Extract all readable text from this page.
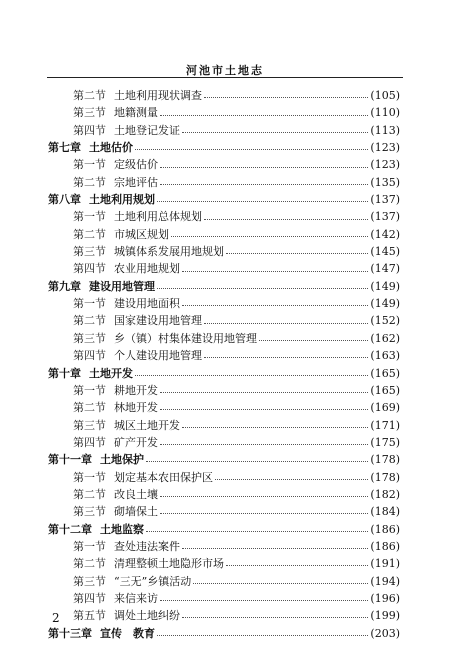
河池市土地志
第二节 土地利用现状调查	(105)
第三节 地籍测量	(110)
第四节 土地登记发证	(113)
第七章 土地估价	(123)
第一节 定级估价	(123)
第二节 宗地评估	(135)
第八章 土地利用规划	(137)
第一节 土地利用总体规划	(137)
第二节 市城区规划	(142)
第三节 城镇体系发展用地规划	(145)
第四节 农业用地规划	(147)
第九章 建设用地管理	(149)
第一节 建设用地面积	(149)
第二节 国家建设用地管理	(152)
第三节 乡（镇）村集体建设用地管理	(162)
第四节 个人建设用地管理	(163)
第十章 土地开发	(165)
第一节 耕地开发	(165)
第二节 林地开发	(169)
第三节 城区土地开发	(171)
第四节 矿产开发	(175)
第十一章 土地保护	(178)
第一节 划定基本农田保护区	(178)
第二节 改良土壤	(182)
第三节 砌墙保土	(184)
第十二章 土地监察	(186)
第一节 查处违法案件	(186)
第二节 清理整顿土地隐形市场	(191)
第三节 “三无”乡镇活动	(194)
第四节 来信来访	(196)
第五节 调处土地纠纷	(199)
第十三章 宣传　教育	(203)
2
